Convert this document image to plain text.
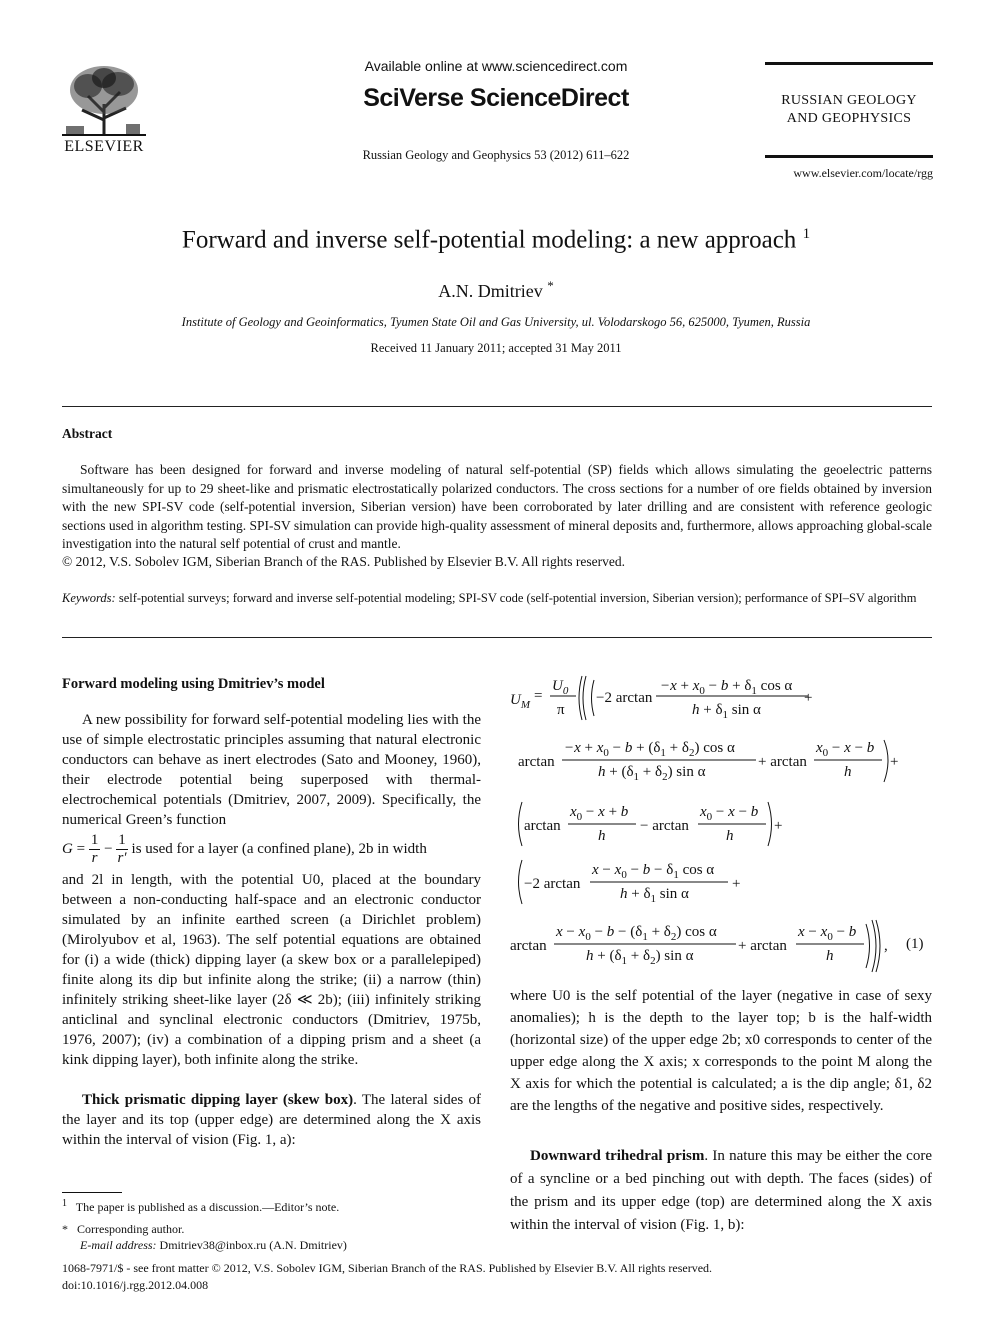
ELSEVIER
Available online at www.sciencedirect.com
SciVerse ScienceDirect
Russian Geology and Geophysics 53 (2012) 611–622
RUSSIAN GEOLOGY
AND GEOPHYSICS
www.elsevier.com/locate/rgg
Forward and inverse self-potential modeling: a new approach $^1$
A.N. Dmitriev *
Institute of Geology and Geoinformatics, Tyumen State Oil and Gas University, ul. Volodarskogo 56, 625000, Tyumen, Russia
Received 11 January 2011; accepted 31 May 2011
Abstract
Software has been designed for forward and inverse modeling of natural self-potential (SP) fields which allows simulating the geoelectric patterns simultaneously for up to 29 sheet-like and prismatic electrostatically polarized conductors. The cross sections for a number of ore fields obtained by inversion with the new SPI-SV code (self-potential inversion, Siberian version) have been corroborated by later drilling and are consistent with reference geologic sections used in algorithm testing. SPI-SV simulation can provide high-quality assessment of mineral deposits and, furthermore, allows approaching global-scale investigation into the natural self potential of crust and mantle.
© 2012, V.S. Sobolev IGM, Siberian Branch of the RAS. Published by Elsevier B.V. All rights reserved.
Keywords: self-potential surveys; forward and inverse self-potential modeling; SPI-SV code (self-potential inversion, Siberian version); performance of SPI–SV algorithm
Forward modeling using Dmitriev’s model
A new possibility for forward self-potential modeling lies with the use of simple electrostatic principles assuming that natural electronic conductors can behave as inert electrodes (Sato and Mooney, 1960), their electrode potential being superposed with thermal-electrochemical potentials (Dmitriev, 2007, 2009). Specifically, the numerical Green’s function
$G = \frac{1}{r} - \frac{1}{r'}$ is used for a layer (a confined plane), 2b in width
and 2l in length, with the potential U0, placed at the boundary between a non-conducting half-space and an electronic conductor simulated by an infinite earthed screen (a Dirichlet problem) (Mirolyubov et al, 1963). The self potential equations are obtained for (i) a wide (thick) dipping layer (a skew box or a parallelepiped) finite along its dip but infinite along the strike; (ii) a narrow (thin) infinitely striking sheet-like layer (2δ ≪ 2b); (iii) infinitely striking anticlinal and synclinal electronic conductors (Dmitriev, 1975b, 1976, 2007); (iv) a combination of a dipping prism and a sheet (a kink dipping layer), both infinite along the strike.
Thick prismatic dipping layer (skew box). The lateral sides of the layer and its top (upper edge) are determined along the X axis within the interval of vision (Fig. 1, a):
$U_M$
=
$U_0$
π
−2 arctan
$-x + x_0 - b + \delta_1$ cos α
$h + \delta_1$ sin α
+
arctan
$-x + x_0 - b + (\delta_1 + \delta_2)$ cos α
$h + (\delta_1 + \delta_2)$ sin α
+ arctan
$x_0 - x - b$
h
+
arctan
$x_0 - x + b$
h
− arctan
$x_0 - x - b$
h
+
−2 arctan
$x - x_0 - b - \delta_1$ cos α
$h + \delta_1$ sin α
+
arctan
$x - x_0 - b - (\delta_1 + \delta_2)$ cos α
$h + (\delta_1 + \delta_2)$ sin α
+ arctan
$x - x_0 - b$
h
, (1)
where U0 is the self potential of the layer (negative in case of sexy anomalies); h is the depth to the layer top; b is the half-width (horizontal size) of the upper edge 2b; x0 corresponds to center of the upper edge along the X axis; x corresponds to the point M along the X axis for which the potential is calculated; a is the dip angle; δ1, δ2 are the lengths of the negative and positive sides, respectively.
Downward trihedral prism. In nature this may be either the core of a syncline or a bed pinching out with depth. The faces (sides) of the prism and its upper edge (top) are determined along the X axis within the interval of vision (Fig. 1, b):
$^1$ The paper is published as a discussion.—Editor’s note.
* Corresponding author.
E-mail address: Dmitriev38@inbox.ru (A.N. Dmitriev)
1068-7971/$ - see front matter © 2012, V.S. Sobolev IGM, Siberian Branch of the RAS. Published by Elsevier B.V. All rights reserved.
doi:10.1016/j.rgg.2012.04.008
